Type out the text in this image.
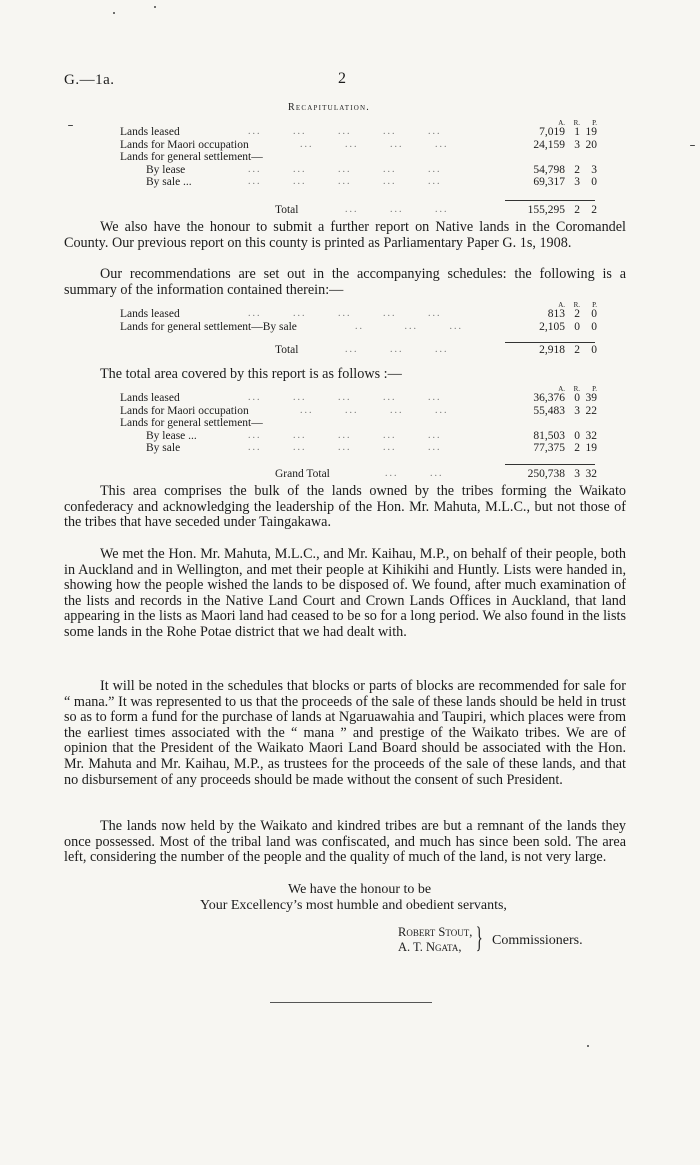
G.—1a.	2
Recapitulation.
A.	R.	P.
Lands leased	...       ...       ...       ...       ...	7,019 1 19
Lands for Maori occupation	...       ...       ...       ...	24,159 3 20
Lands for general settlement—
By lease	...       ...       ...       ...       ...	54,798 2 3
By sale ...	...       ...       ...       ...       ...	69,317 3 0
Total	...       ...       ...	155,295 2 2

We also have the honour to submit a further report on Native lands in the Coromandel County. Our previous report on this county is printed as Parliamentary Paper G. 1s, 1908.

Our recommendations are set out in the accompanying schedules: the following is a summary of the information contained therein:—

A.	R.	P.
Lands leased	...       ...       ...       ...       ...	813 2 0
Lands for general settlement—By sale	..         ...       ...	2,105 0 0
Total	...       ...       ...	2,918 2 0

The total area covered by this report is as follows :—

A.	R.	P.
Lands leased	...       ...       ...       ...       ...	36,376 0 39
Lands for Maori occupation	...       ...       ...       ...	55,483 3 22
Lands for general settlement—
By lease ...	...       ...       ...       ...       ...	81,503 0 32
By sale	...       ...       ...       ...       ...	77,375 2 19
Grand Total	...       ...	250,738 3 32

This area comprises the bulk of the lands owned by the tribes forming the Waikato confederacy and acknowledging the leadership of the Hon. Mr. Mahuta, M.L.C., but not those of the tribes that have seceded under Taingakawa.

We met the Hon. Mr. Mahuta, M.L.C., and Mr. Kaihau, M.P., on behalf of their people, both in Auckland and in Wellington, and met their people at Kihikihi and Huntly. Lists were handed in, showing how the people wished the lands to be disposed of. We found, after much examination of the lists and records in the Native Land Court and Crown Lands Offices in Auckland, that land appearing in the lists as Maori land had ceased to be so for a long period. We also found in the lists some lands in the Rohe Potae district that we had dealt with.

It will be noted in the schedules that blocks or parts of blocks are recommended for sale for “ mana.” It was represented to us that the proceeds of the sale of these lands should be held in trust so as to form a fund for the purchase of lands at Ngaruawahia and Taupiri, which places were from the earliest times associated with the “ mana ” and prestige of the Waikato tribes. We are of opinion that the President of the Waikato Maori Land Board should be associated with the Hon. Mr. Mahuta and Mr. Kaihau, M.P., as trustees for the proceeds of the sale of these lands, and that no disbursement of any proceeds should be made without the consent of such President.

The lands now held by the Waikato and kindred tribes are but a remnant of the lands they once possessed. Most of the tribal land was confiscated, and much has since been sold. The area left, considering the number of the people and the quality of much of the land, is not very large.

We have the honour to be
Your Excellency’s most humble and obedient servants,
Robert Stout,
A. T. Ngata, } Commissioners.
